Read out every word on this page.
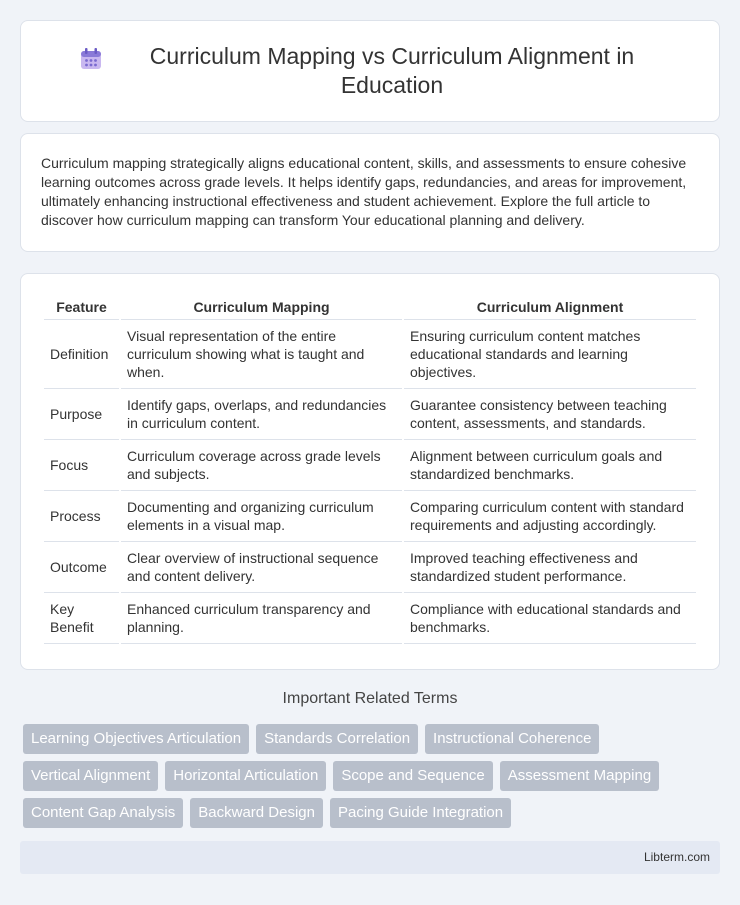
Curriculum Mapping vs Curriculum Alignment in Education

Curriculum mapping strategically aligns educational content, skills, and assessments to ensure cohesive learning outcomes across grade levels. It helps identify gaps, redundancies, and areas for improvement, ultimately enhancing instructional effectiveness and student achievement. Explore the full article to discover how curriculum mapping can transform Your educational planning and delivery.

Feature	Curriculum Mapping	Curriculum Alignment
Definition	Visual representation of the entire curriculum showing what is taught and when.	Ensuring curriculum content matches educational standards and learning objectives.
Purpose	Identify gaps, overlaps, and redundancies in curriculum content.	Guarantee consistency between teaching content, assessments, and standards.
Focus	Curriculum coverage across grade levels and subjects.	Alignment between curriculum goals and standardized benchmarks.
Process	Documenting and organizing curriculum elements in a visual map.	Comparing curriculum content with standard requirements and adjusting accordingly.
Outcome	Clear overview of instructional sequence and content delivery.	Improved teaching effectiveness and standardized student performance.
Key Benefit	Enhanced curriculum transparency and planning.	Compliance with educational standards and benchmarks.
Important Related Terms
Learning Objectives Articulation	Standards Correlation	Instructional Coherence
Vertical Alignment	Horizontal Articulation	Scope and Sequence	Assessment Mapping
Content Gap Analysis	Backward Design	Pacing Guide Integration
Libterm.com
